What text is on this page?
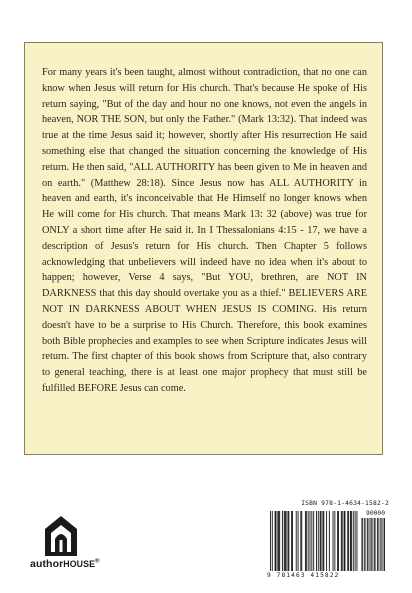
For many years it's been taught, almost without contradiction, that no one can know when Jesus will return for His church. That's because He spoke of His return saying, "But of the day and hour no one knows, not even the angels in heaven, NOR THE SON, but only the Father." (Mark 13:32). That indeed was true at the time Jesus said it; however, shortly after His resurrection He said something else that changed the situation concerning the knowledge of His return. He then said, "ALL AUTHORITY has been given to Me in heaven and on earth." (Matthew 28:18). Since Jesus now has ALL AUTHORITY in heaven and earth, it's inconceivable that He Himself no longer knows when He will come for His church. That means Mark 13: 32 (above) was true for ONLY a short time after He said it. In I Thessalonians 4:15 - 17, we have a description of Jesus's return for His church. Then Chapter 5 follows acknowledging that unbelievers will indeed have no idea when it's about to happen; however, Verse 4 says, "But YOU, brethren, are NOT IN DARKNESS that this day should overtake you as a thief." BELIEVERS ARE NOT IN DARKNESS ABOUT WHEN JESUS IS COMING. His return doesn't have to be a surprise to His Church. Therefore, this book examines both Bible prophecies and examples to see when Scripture indicates Jesus will return. The first chapter of this book shows from Scripture that, also contrary to general teaching, there is at least one major prophecy that must still be fulfilled BEFORE Jesus can come.

authorHOUSE®
ISBN 978-1-4634-1582-2
90000
9 781463 415822
